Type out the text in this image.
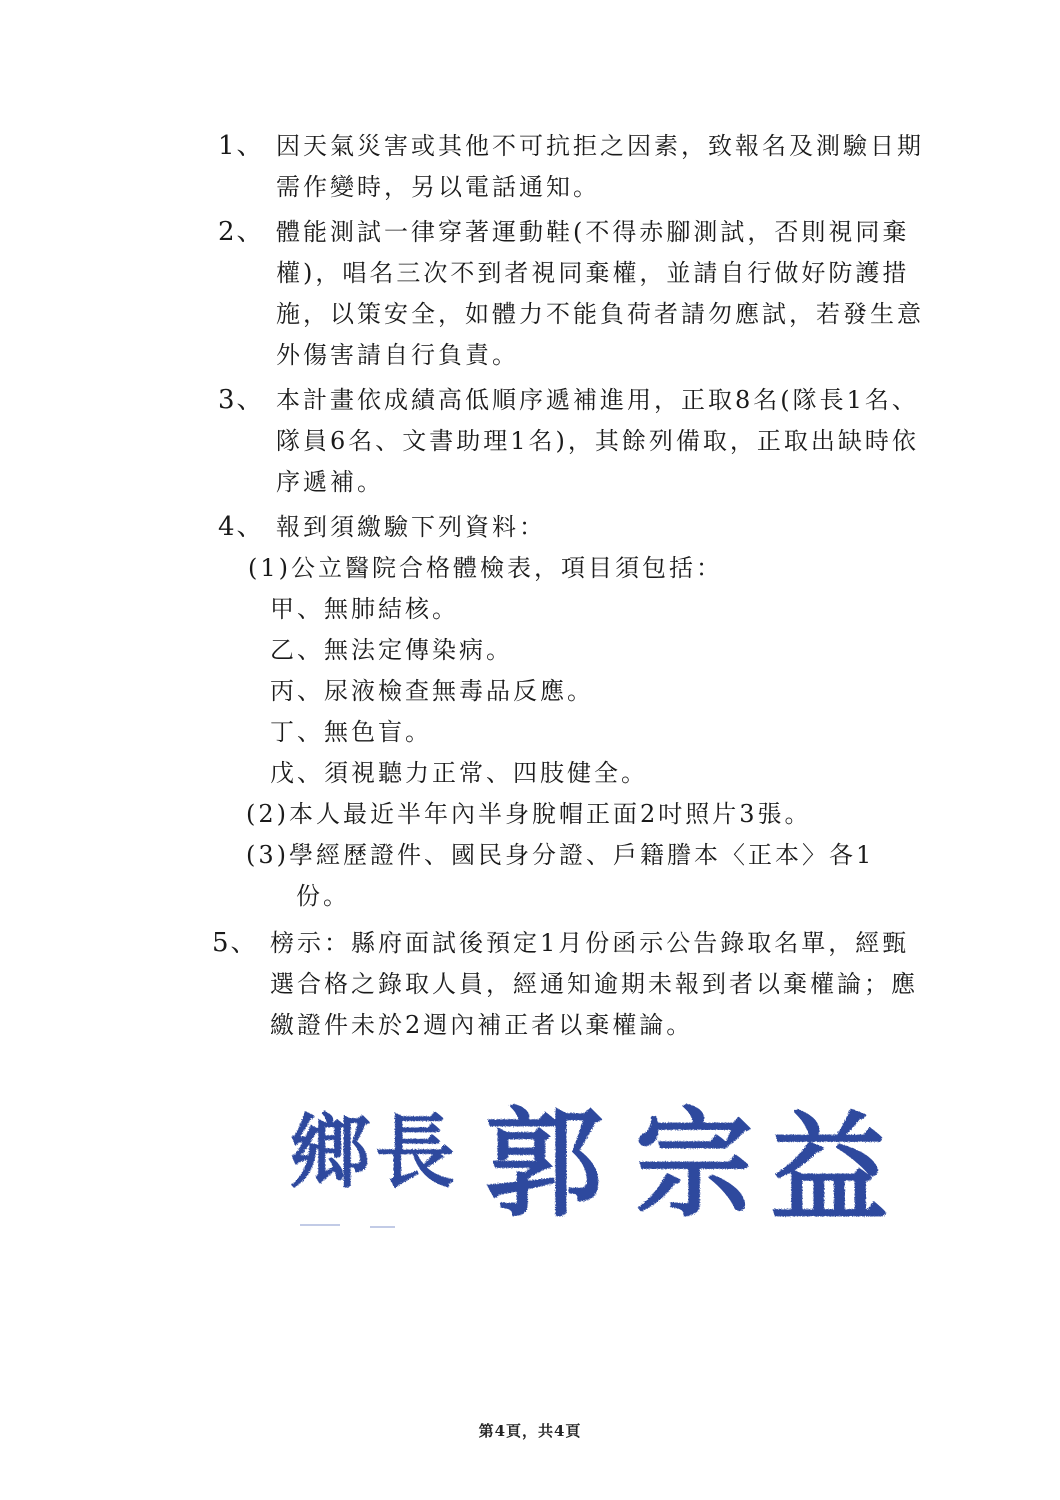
1、 因天氣災害或其他不可抗拒之因素，致報名及測驗日期
需作變時，另以電話通知。
2、 體能測試一律穿著運動鞋(不得赤腳測試，否則視同棄
權)，唱名三次不到者視同棄權，並請自行做好防護措
施，以策安全，如體力不能負荷者請勿應試，若發生意
外傷害請自行負責。
3、 本計畫依成績高低順序遞補進用，正取8名(隊長1名、
隊員6名、文書助理1名)，其餘列備取，正取出缺時依
序遞補。
4、 報到須繳驗下列資料：
(1)公立醫院合格體檢表，項目須包括：
甲、無肺結核。
乙、無法定傳染病。
丙、尿液檢查無毒品反應。
丁、無色盲。
戊、須視聽力正常、四肢健全。
(2)本人最近半年內半身脫帽正面2吋照片3張。
(3)學經歷證件、國民身分證、戶籍謄本〈正本〉各1
份。
5、 榜示：縣府面試後預定1月份函示公告錄取名單，經甄
選合格之錄取人員，經通知逾期未報到者以棄權論；應
繳證件未於2週內補正者以棄權論。
鄉 長 郭 宗 益
第4頁，共4頁
